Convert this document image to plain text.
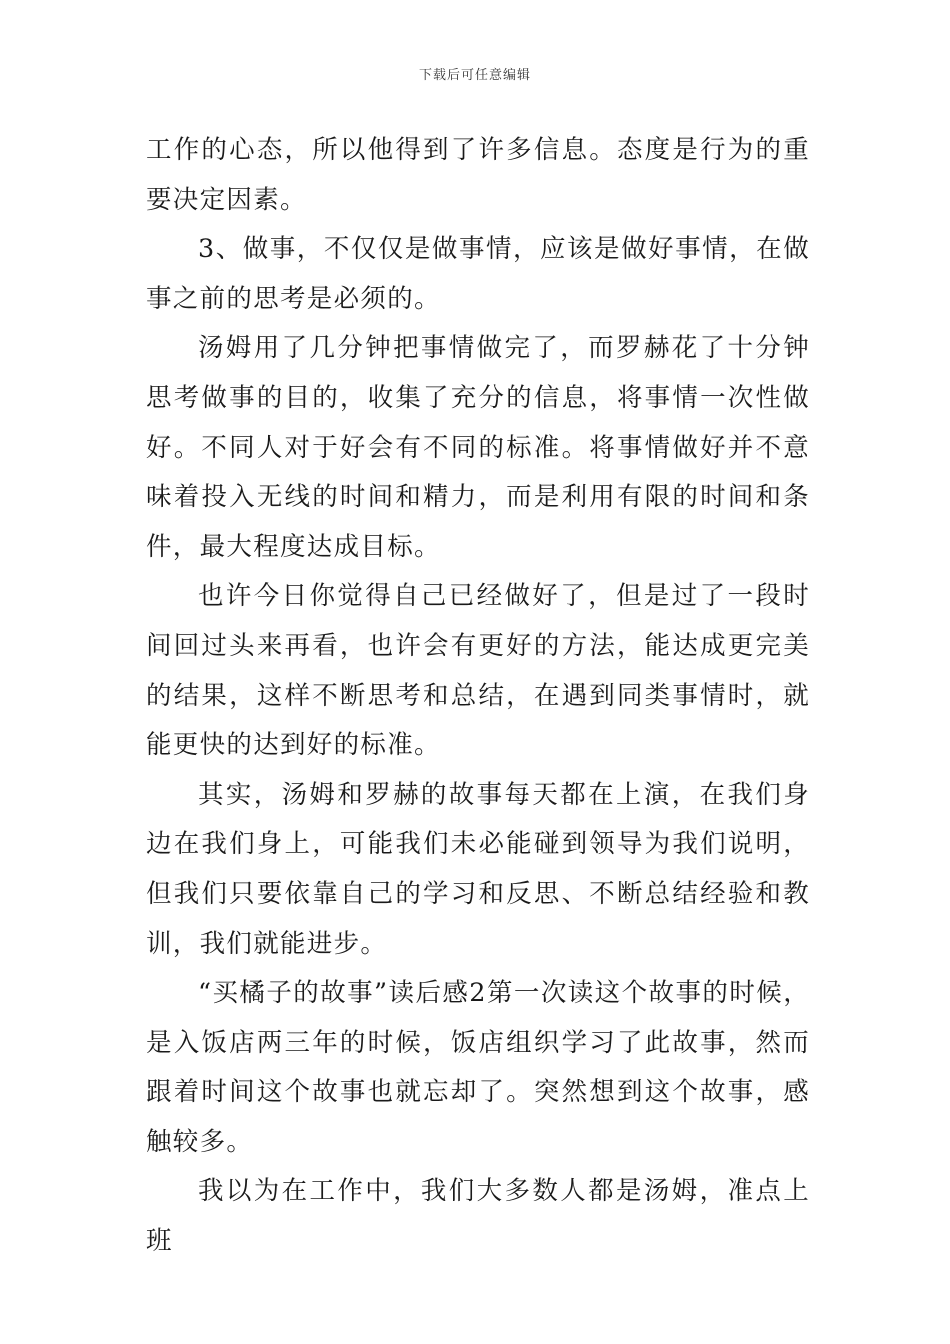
下载后可任意编辑

工作的心态，所以他得到了许多信息。态度是行为的重要决定因素。

3、做事，不仅仅是做事情，应该是做好事情，在做事之前的思考是必须的。

汤姆用了几分钟把事情做完了，而罗赫花了十分钟思考做事的目的，收集了充分的信息，将事情一次性做好。不同人对于好会有不同的标准。将事情做好并不意味着投入无线的时间和精力，而是利用有限的时间和条件，最大程度达成目标。

也许今日你觉得自己已经做好了，但是过了一段时间回过头来再看，也许会有更好的方法，能达成更完美的结果，这样不断思考和总结，在遇到同类事情时，就能更快的达到好的标准。

其实，汤姆和罗赫的故事每天都在上演，在我们身边在我们身上，可能我们未必能碰到领导为我们说明，但我们只要依靠自己的学习和反思、不断总结经验和教训，我们就能进步。

“买橘子的故事”读后感2第一次读这个故事的时候，是入饭店两三年的时候，饭店组织学习了此故事，然而跟着时间这个故事也就忘却了。突然想到这个故事，感触较多。

我以为在工作中，我们大多数人都是汤姆，准点上班
